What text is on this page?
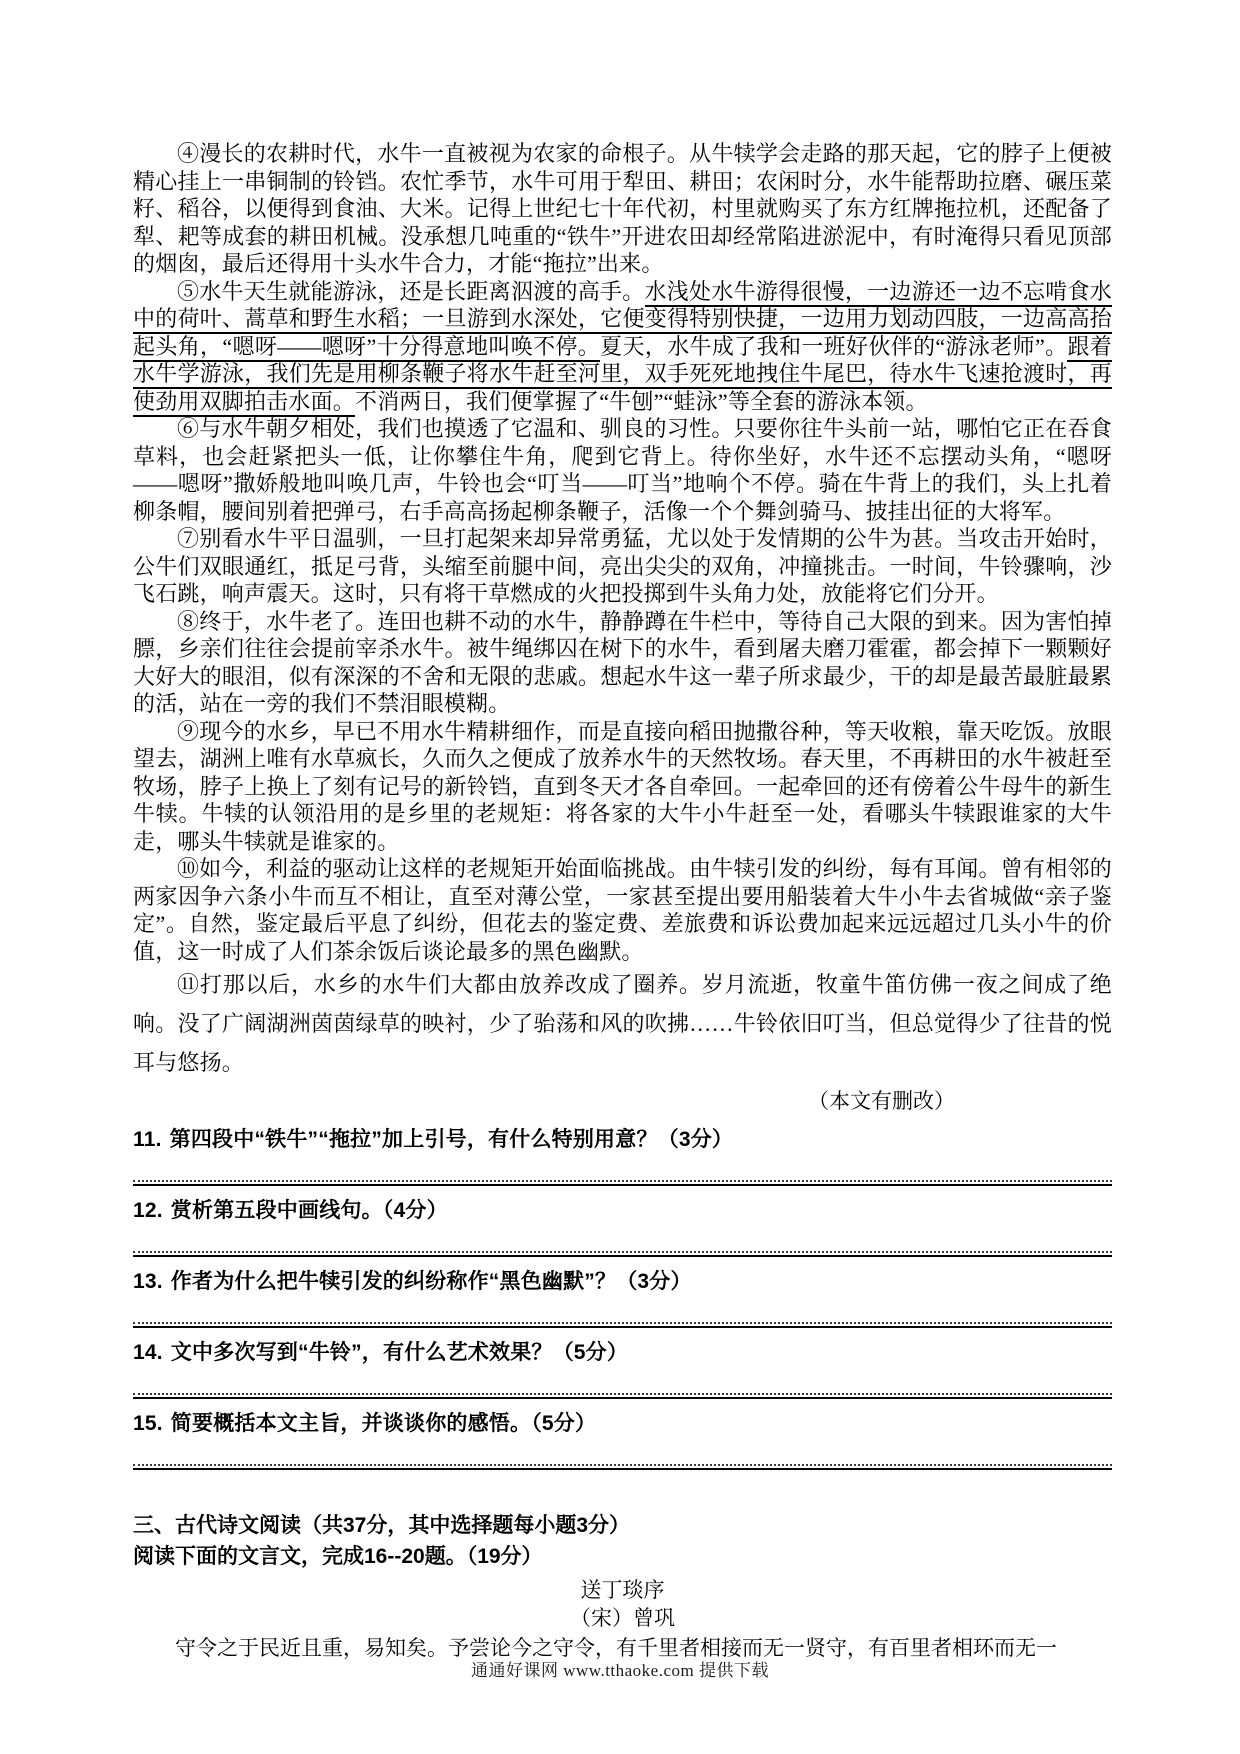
④漫长的农耕时代，水牛一直被视为农家的命根子。从牛犊学会走路的那天起，它的脖子上便被精心挂上一串铜制的铃铛。农忙季节，水牛可用于犁田、耕田；农闲时分，水牛能帮助拉磨、碾压菜籽、稻谷，以便得到食油、大米。记得上世纪七十年代初，村里就购买了东方红牌拖拉机，还配备了犁、耙等成套的耕田机械。没承想几吨重的“铁牛”开进农田却经常陷进淤泥中，有时淹得只看见顶部的烟囱，最后还得用十头水牛合力，才能“拖拉”出来。

⑤水牛天生就能游泳，还是长距离泅渡的高手。水浅处水牛游得很慢，一边游还一边不忘啃食水中的荷叶、蒿草和野生水稻；一旦游到水深处，它便变得特别快捷，一边用力划动四肢，一边高高抬起头角，“嗯呀——嗯呀”十分得意地叫唤不停。夏天，水牛成了我和一班好伙伴的“游泳老师”。跟着水牛学游泳，我们先是用柳条鞭子将水牛赶至河里，双手死死地拽住牛尾巴，待水牛飞速抢渡时，再使劲用双脚拍击水面。不消两日，我们便掌握了“牛刨”“蛙泳”等全套的游泳本领。

⑥与水牛朝夕相处，我们也摸透了它温和、驯良的习性。只要你往牛头前一站，哪怕它正在吞食草料，也会赶紧把头一低，让你攀住牛角，爬到它背上。待你坐好，水牛还不忘摆动头角，“嗯呀——嗯呀”撒娇般地叫唤几声，牛铃也会“叮当——叮当”地响个不停。骑在牛背上的我们，头上扎着柳条帽，腰间别着把弹弓，右手高高扬起柳条鞭子，活像一个个舞剑骑马、披挂出征的大将军。

⑦别看水牛平日温驯，一旦打起架来却异常勇猛，尤以处于发情期的公牛为甚。当攻击开始时，公牛们双眼通红，抵足弓背，头缩至前腿中间，亮出尖尖的双角，冲撞挑击。一时间，牛铃骤响，沙飞石跳，响声震天。这时，只有将干草燃成的火把投掷到牛头角力处，放能将它们分开。

⑧终于，水牛老了。连田也耕不动的水牛，静静蹲在牛栏中，等待自己大限的到来。因为害怕掉膘，乡亲们往往会提前宰杀水牛。被牛绳绑囚在树下的水牛，看到屠夫磨刀霍霍，都会掉下一颗颗好大好大的眼泪，似有深深的不舍和无限的悲戚。想起水牛这一辈子所求最少，干的却是最苦最脏最累的活，站在一旁的我们不禁泪眼模糊。

⑨现今的水乡，早已不用水牛精耕细作，而是直接向稻田抛撒谷种，等天收粮，靠天吃饭。放眼望去，湖洲上唯有水草疯长，久而久之便成了放养水牛的天然牧场。春天里，不再耕田的水牛被赶至牧场，脖子上换上了刻有记号的新铃铛，直到冬天才各自牵回。一起牵回的还有傍着公牛母牛的新生牛犊。牛犊的认领沿用的是乡里的老规矩：将各家的大牛小牛赶至一处，看哪头牛犊跟谁家的大牛走，哪头牛犊就是谁家的。

⑩如今，利益的驱动让这样的老规矩开始面临挑战。由牛犊引发的纠纷，每有耳闻。曾有相邻的两家因争六条小牛而互不相让，直至对薄公堂，一家甚至提出要用船装着大牛小牛去省城做“亲子鉴定”。自然，鉴定最后平息了纠纷，但花去的鉴定费、差旅费和诉讼费加起来远远超过几头小牛的价值，这一时成了人们茶余饭后谈论最多的黑色幽默。

⑪打那以后，水乡的水牛们大都由放养改成了圈养。岁月流逝，牧童牛笛仿佛一夜之间成了绝响。没了广阔湖洲茵茵绿草的映衬，少了骀荡和风的吹拂……牛铃依旧叮当，但总觉得少了往昔的悦耳与悠扬。

（本文有删改）

11. 第四段中“铁牛”“拖拉”加上引号，有什么特别用意？（3分）
12. 赏析第五段中画线句。（4分）
13. 作者为什么把牛犊引发的纠纷称作“黑色幽默”？（3分）
14. 文中多次写到“牛铃”，有什么艺术效果？（5分）
15. 简要概括本文主旨，并谈谈你的感悟。（5分）
三、古代诗文阅读（共37分，其中选择题每小题3分）
阅读下面的文言文，完成16--20题。（19分）

送丁琰序

（宋）曾巩

守令之于民近且重，易知矣。予尝论今之守令，有千里者相接而无一贤守，有百里者相环而无一

通通好课网 www.tthaoke.com 提供下载
